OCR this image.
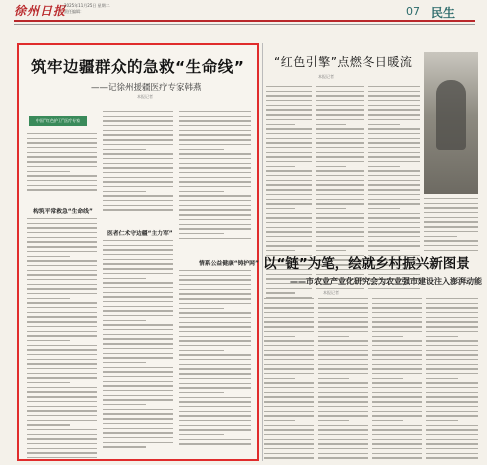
徐州日报
2025年11月25日 星期二
责任编辑：	07 民生
筑牢边疆群众的急救“生命线”
——记徐州援疆医疗专家韩燕
本报记者
中国“红色护卫”医疗专家
构筑平常救急“生命线”
医者仁术守边疆“主力军”
情系公益健康“铸护网”
“红色引擎”点燃冬日暖流
本报记者
以“链”为笔，绘就乡村振兴新图景
——市农业产业化研究会为农业强市建设注入澎湃动能
本报记者
